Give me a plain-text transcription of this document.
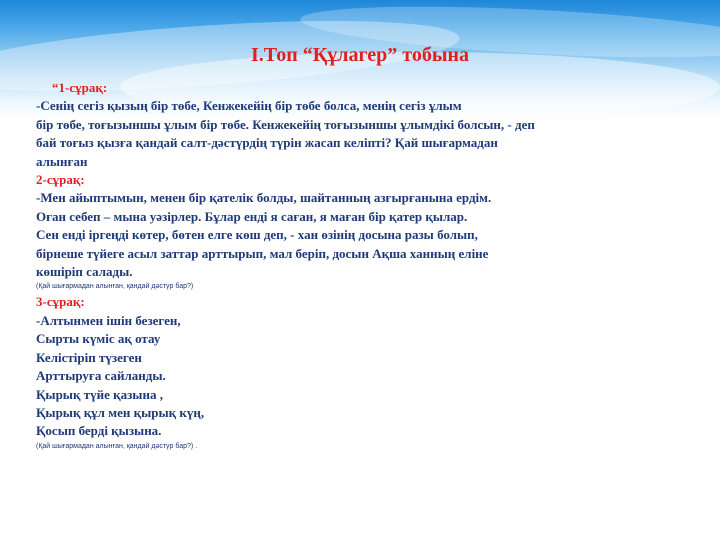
І.Топ “Құлагер” тобына

“1-сұрақ:

-Сенің сегіз қызың бір төбе, Кенжекейің бір төбе болса, менің сегіз ұлым

бір төбе, тоғызыншы ұлым бір төбе. Кенжекейің тоғызыншы ұлымдікі болсын, - деп

бай тоғыз қызға қандай салт-дәстүрдің түрін жасап келіпті? Қай шығармадан

алынған

2-сұрақ:

-Мен айыптымын, менен бір қателік болды, шайтанның азғырғанына ердім.

Оған себеп – мына уәзірлер. Бұлар енді я саған, я маған бір қатер қылар.

Сен енді іргеңді көтер, бөтен елге көш деп, - хан өзінің досына разы болып,

бірнеше түйеге асыл заттар арттырып, мал беріп, досын Ақша ханның еліне

көшіріп салады.

(Қай шығармадан алынған, қандай дәстүр бар?)

3-сұрақ:

-Алтынмен ішін безеген,

Сырты күміс ақ отау

Келістіріп түзеген

Арттыруға сайланды.

Қырық түйе қазына ,

Қырық құл мен қырық күң,

Қосып берді қызына.

(Қай шығармадан алынған, қандай дәстүр бар?) .
